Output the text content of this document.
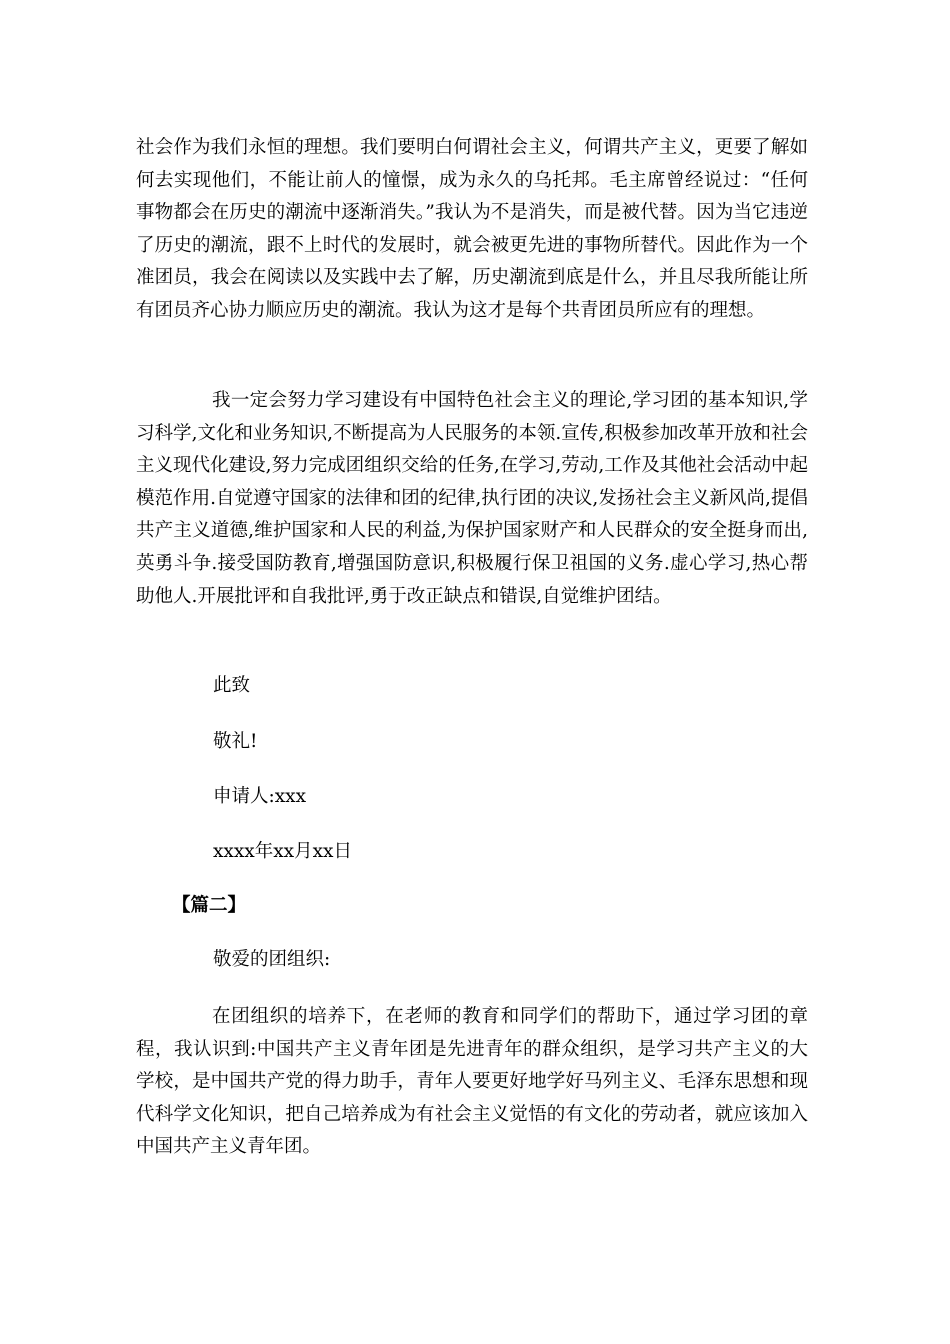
社会作为我们永恒的理想。我们要明白何谓社会主义，何谓共产主义，更要了解如何去实现他们，不能让前人的憧憬，成为永久的乌托邦。毛主席曾经说过：“任何事物都会在历史的潮流中逐渐消失。”我认为不是消失，而是被代替。因为当它违逆了历史的潮流，跟不上时代的发展时，就会被更先进的事物所替代。因此作为一个准团员，我会在阅读以及实践中去了解，历史潮流到底是什么，并且尽我所能让所有团员齐心协力顺应历史的潮流。我认为这才是每个共青团员所应有的理想。

我一定会努力学习建设有中国特色社会主义的理论,学习团的基本知识,学习科学,文化和业务知识,不断提高为人民服务的本领.宣传,积极参加改革开放和社会主义现代化建设,努力完成团组织交给的任务,在学习,劳动,工作及其他社会活动中起模范作用.自觉遵守国家的法律和团的纪律,执行团的决议,发扬社会主义新风尚,提倡共产主义道德,维护国家和人民的利益,为保护国家财产和人民群众的安全挺身而出,英勇斗争.接受国防教育,增强国防意识,积极履行保卫祖国的义务.虚心学习,热心帮助他人.开展批评和自我批评,勇于改正缺点和错误,自觉维护团结。

此致

敬礼!

申请人:xxx

xxxx年xx月xx日

【篇二】

敬爱的团组织:

在团组织的培养下，在老师的教育和同学们的帮助下，通过学习团的章程，我认识到:中国共产主义青年团是先进青年的群众组织，是学习共产主义的大学校，是中国共产党的得力助手，青年人要更好地学好马列主义、毛泽东思想和现代科学文化知识，把自己培养成为有社会主义觉悟的有文化的劳动者，就应该加入中国共产主义青年团。
